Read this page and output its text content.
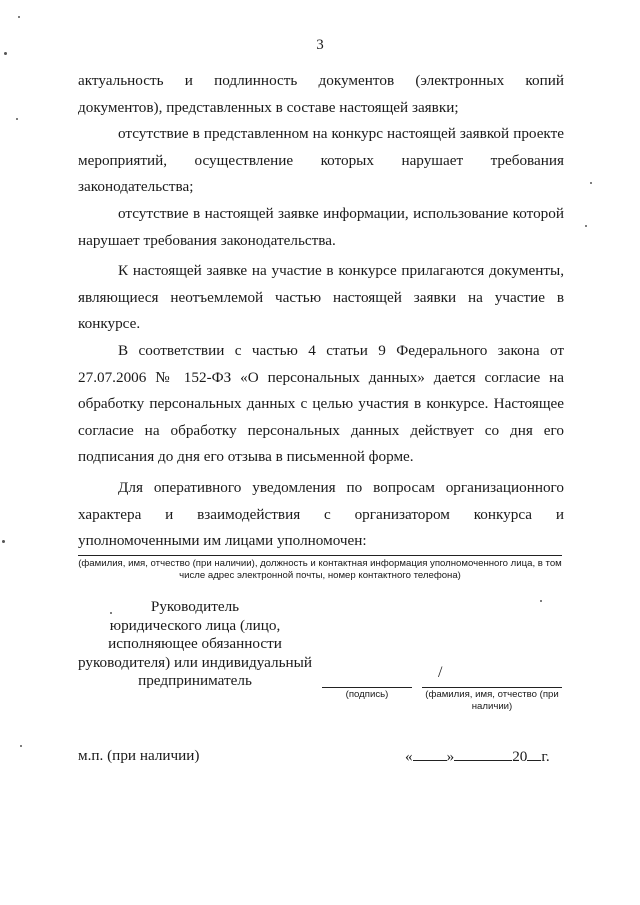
3

актуальность и подлинность документов (электронных копий документов), представленных в составе настоящей заявки;

отсутствие в представленном на конкурс настоящей заявкой проекте мероприятий, осуществление которых нарушает требования законодательства;

отсутствие в настоящей заявке информации, использование которой нарушает требования законодательства.

К настоящей заявке на участие в конкурсе прилагаются документы, являющиеся неотъемлемой частью настоящей заявки на участие в конкурсе.

В соответствии с частью 4 статьи 9 Федерального закона от 27.07.2006 № 152-ФЗ «О персональных данных» дается согласие на обработку персональных данных с целью участия в конкурсе. Настоящее согласие на обработку персональных данных действует со дня его подписания до дня его отзыва в письменной форме.

Для оперативного уведомления по вопросам организационного характера и взаимодействия с организатором конкурса и уполномоченными им лицами уполномочен:

(фамилия, имя, отчество (при наличии), должность и контактная информация уполномоченного лица, в том числе адрес электронной почты, номер контактного телефона)
Руководитель
юридического лица (лицо,
исполняющее обязанности
руководителя) или индивидуальный
предприниматель	/
(подпись)	(фамилия, имя, отчество (при наличии)
м.п. (при наличии)	« »	20 г.
